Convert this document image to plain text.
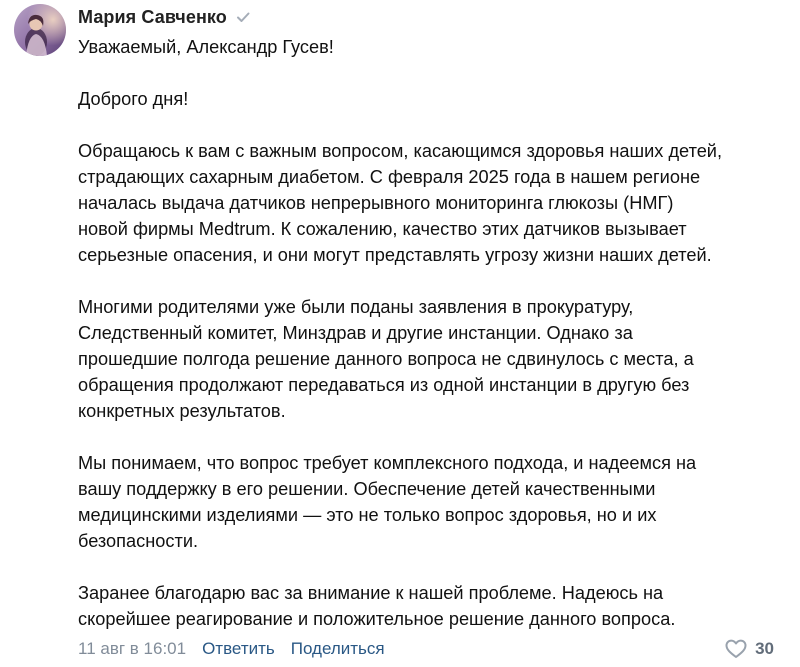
Мария Савченко
Уважаемый, Александр Гусев!
Доброго дня!
Обращаюсь к вам с важным вопросом, касающимся здоровья наших детей,
страдающих сахарным диабетом. С февраля 2025 года в нашем регионе
началась выдача датчиков непрерывного мониторинга глюкозы (НМГ)
новой фирмы Medtrum. К сожалению, качество этих датчиков вызывает
серьезные опасения, и они могут представлять угрозу жизни наших детей.
Многими родителями уже были поданы заявления в прокуратуру,
Следственный комитет, Минздрав и другие инстанции. Однако за
прошедшие полгода решение данного вопроса не сдвинулось с места, а
обращения продолжают передаваться из одной инстанции в другую без
конкретных результатов.
Мы понимаем, что вопрос требует комплексного подхода, и надеемся на
вашу поддержку в его решении. Обеспечение детей качественными
медицинскими изделиями — это не только вопрос здоровья, но и их
безопасности.
Заранее благодарю вас за внимание к нашей проблеме. Надеюсь на
скорейшее реагирование и положительное решение данного вопроса.
11 авг в 16:01 Ответить Поделиться	30
